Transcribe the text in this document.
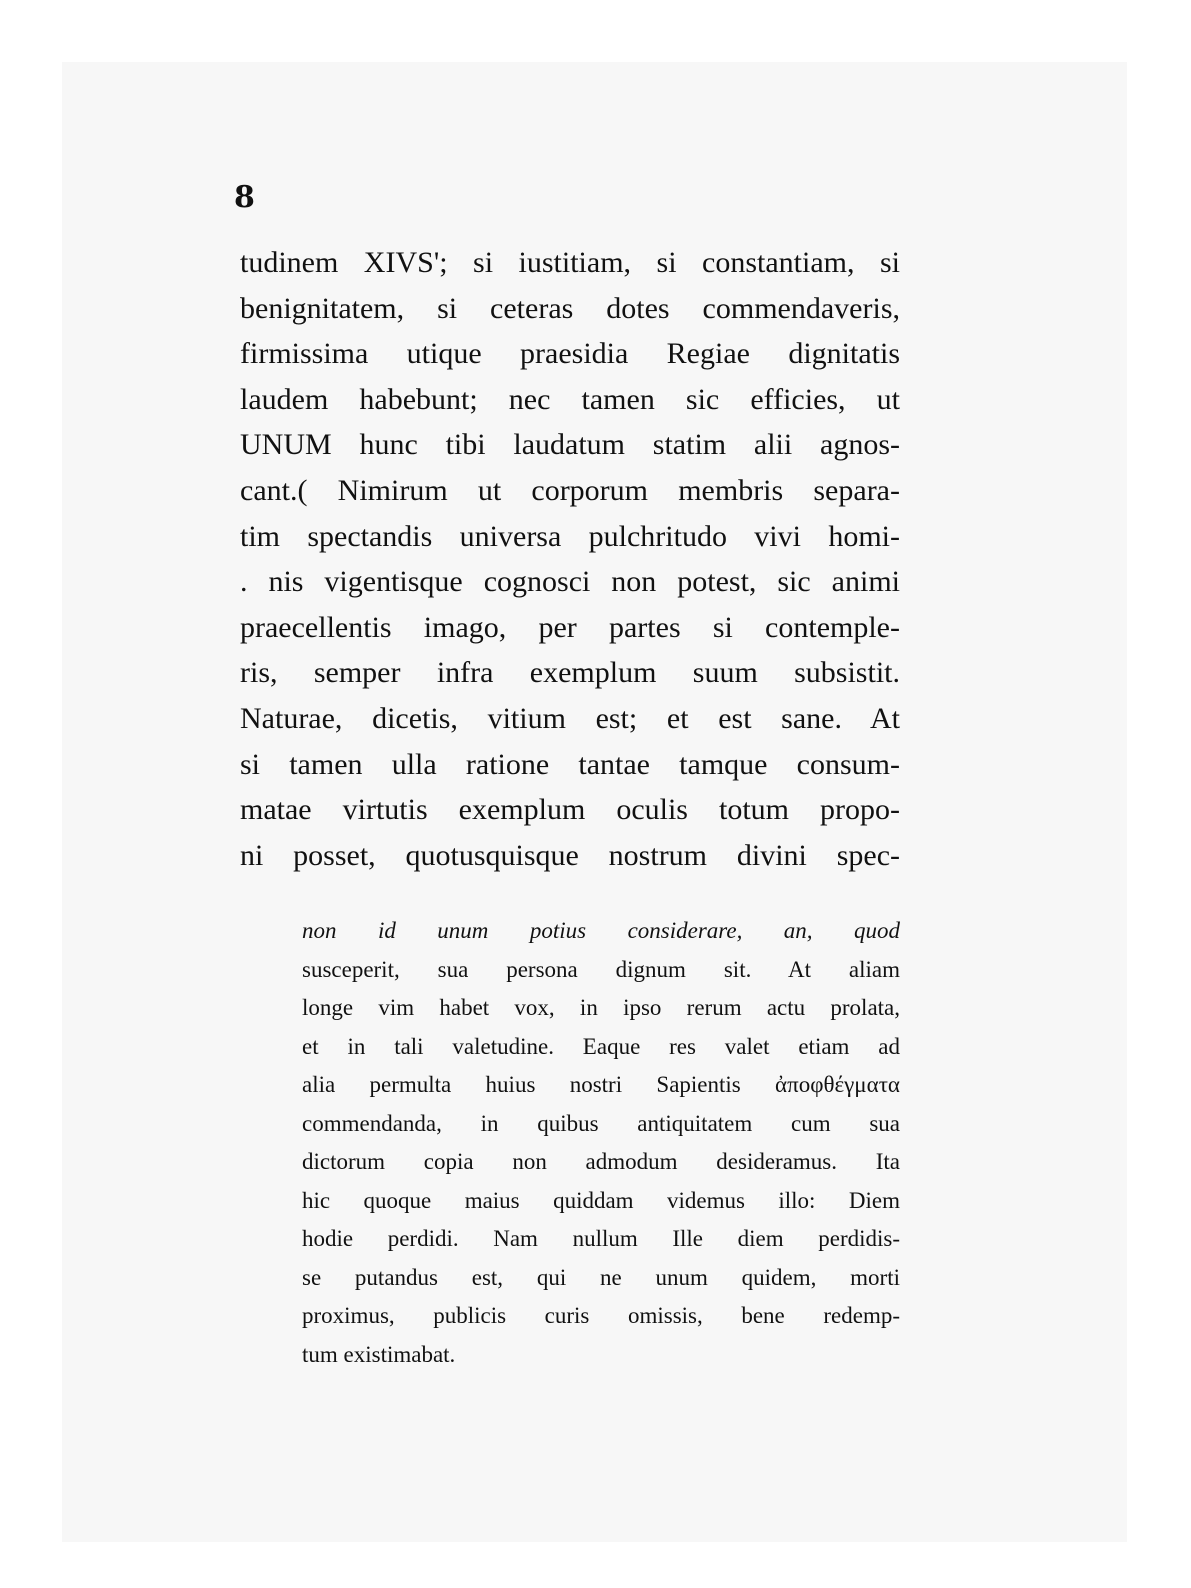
8
tudinem XIVS'; si iustitiam, si constantiam, si
benignitatem, si ceteras dotes commendaveris,
firmissima utique praesidia Regiae dignitatis
laudem habebunt; nec tamen sic efficies, ut
UNUM hunc tibi laudatum statim alii agnos-
cant.( Nimirum ut corporum membris separa-
tim spectandis universa pulchritudo vivi homi-
. nis vigentisque cognosci non potest, sic animi
praecellentis imago, per partes si contemple-
ris, semper infra exemplum suum subsistit.
Naturae, dicetis, vitium est; et est sane. At
si tamen ulla ratione tantae tamque consum-
matae virtutis exemplum oculis totum propo-
ni posset, quotusquisque nostrum divini spec-
non id unum potius considerare, an, quod
susceperit, sua persona dignum sit. At aliam
longe vim habet vox, in ipso rerum actu prolata,
et in tali valetudine. Eaque res valet etiam ad
alia permulta huius nostri Sapientis ἀποφθέγματα
commendanda, in quibus antiquitatem cum sua
dictorum copia non admodum desideramus. Ita
hic quoque maius quiddam videmus illo: Diem
hodie perdidi. Nam nullum Ille diem perdidis-
se putandus est, qui ne unum quidem, morti
proximus, publicis curis omissis, bene redemp-
tum existimabat.
